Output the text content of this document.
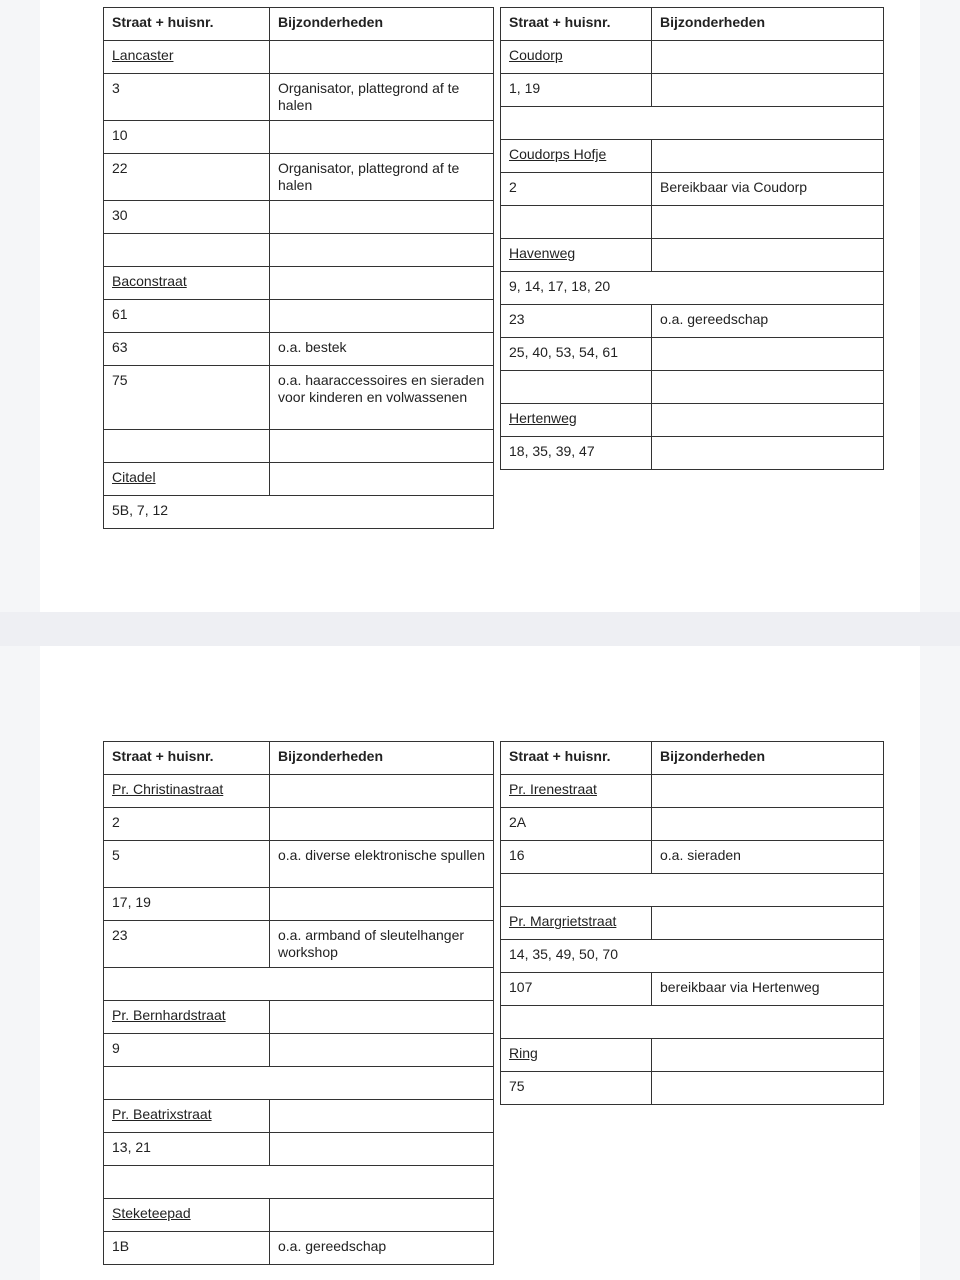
Straat + huisnr.	Bijzonderheden
Lancaster	
3	Organisator, plattegrond af te halen
10	
22	Organisator, plattegrond af te halen
30	

Baconstraat	
61	
63	o.a. bestek
75	o.a. haaraccessoires en sieraden voor kinderen en volwassenen

Citadel	
5B, 7, 12	
Straat + huisnr.	Bijzonderheden
Coudorp	
1, 19	

Coudorps Hofje	
2	Bereikbaar via Coudorp

Havenweg	
9, 14, 17, 18, 20	
23	o.a. gereedschap
25, 40, 53, 54, 61	

Hertenweg	
18, 35, 39, 47	
Straat + huisnr.	Bijzonderheden
Pr. Christinastraat	
2	
5	o.a. diverse elektronische spullen
17, 19	
23	o.a. armband of sleutelhanger workshop

Pr. Bernhardstraat	
9	

Pr. Beatrixstraat	
13, 21	

Steketeepad	
1B	o.a. gereedschap
Straat + huisnr.	Bijzonderheden
Pr. Irenestraat	
2A	
16	o.a. sieraden

Pr. Margrietstraat	
14, 35, 49, 50, 70	
107	bereikbaar via Hertenweg

Ring	
75	
